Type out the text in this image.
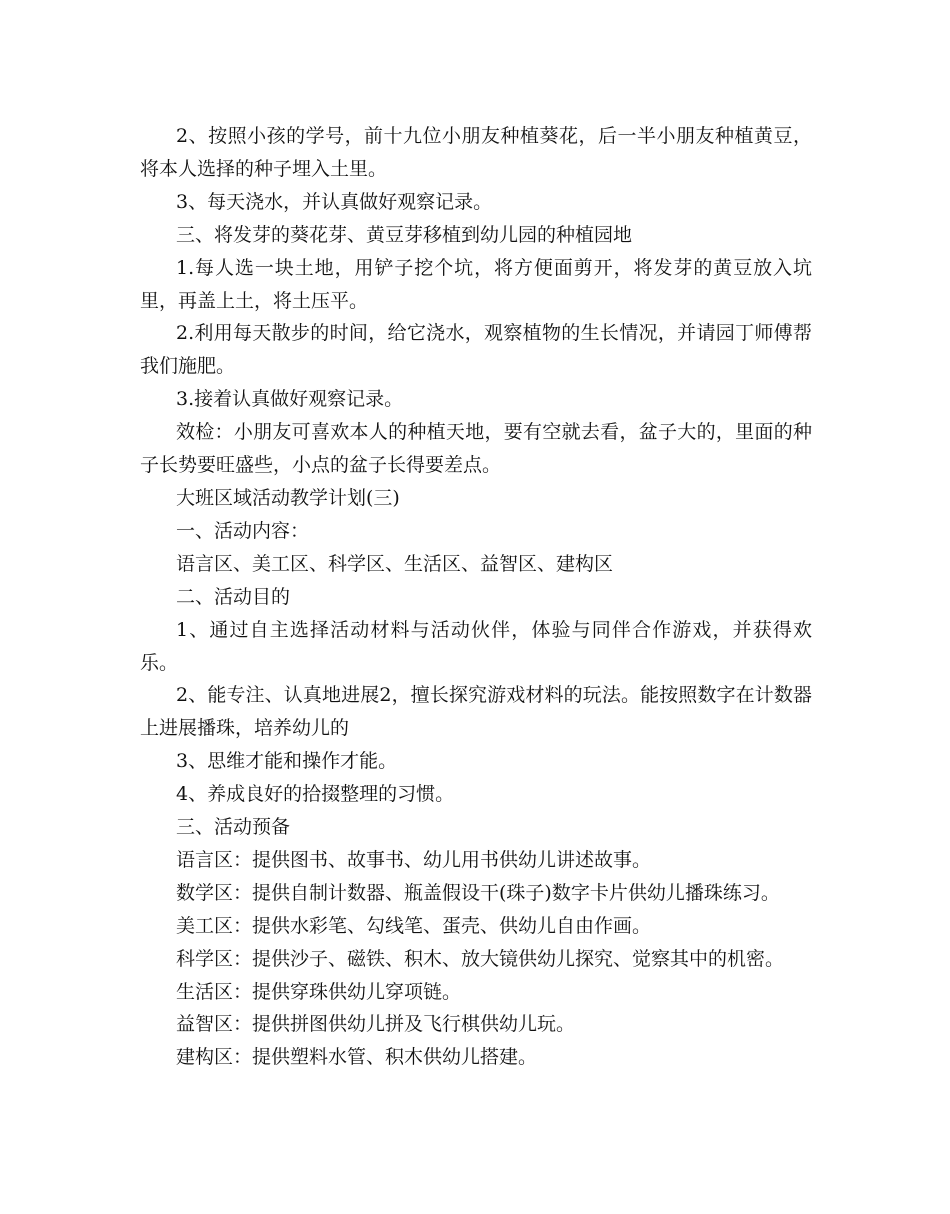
2、按照小孩的学号，前十九位小朋友种植葵花，后一半小朋友种植黄豆，将本人选择的种子埋入土里。

3、每天浇水，并认真做好观察记录。

三、将发芽的葵花芽、黄豆芽移植到幼儿园的种植园地

1.每人选一块土地，用铲子挖个坑，将方便面剪开，将发芽的黄豆放入坑里，再盖上土，将土压平。

2.利用每天散步的时间，给它浇水，观察植物的生长情况，并请园丁师傅帮我们施肥。

3.接着认真做好观察记录。

效检：小朋友可喜欢本人的种植天地，要有空就去看，盆子大的，里面的种子长势要旺盛些，小点的盆子长得要差点。

大班区域活动教学计划(三)

一、活动内容：

语言区、美工区、科学区、生活区、益智区、建构区

二、活动目的

1、通过自主选择活动材料与活动伙伴，体验与同伴合作游戏，并获得欢乐。

2、能专注、认真地进展2，擅长探究游戏材料的玩法。能按照数字在计数器上进展播珠，培养幼儿的

3、思维才能和操作才能。

4、养成良好的拾掇整理的习惯。

三、活动预备

语言区：提供图书、故事书、幼儿用书供幼儿讲述故事。

数学区：提供自制计数器、瓶盖假设干(珠子)数字卡片供幼儿播珠练习。

美工区：提供水彩笔、勾线笔、蛋壳、供幼儿自由作画。

科学区：提供沙子、磁铁、积木、放大镜供幼儿探究、觉察其中的机密。

生活区：提供穿珠供幼儿穿项链。

益智区：提供拼图供幼儿拼及飞行棋供幼儿玩。

建构区：提供塑料水管、积木供幼儿搭建。
